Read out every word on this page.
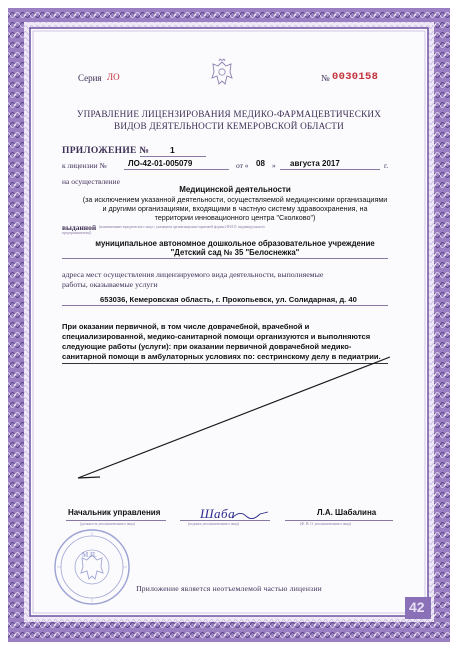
Серия ЛО	№ 0030158
УПРАВЛЕНИЕ ЛИЦЕНЗИРОВАНИЯ МЕДИКО-ФАРМАЦЕВТИЧЕСКИХ
ВИДОВ ДЕЯТЕЛЬНОСТИ КЕМЕРОВСКОЙ ОБЛАСТИ
ПРИЛОЖЕНИЕ № 1
к лицензии №	ЛО-42-01-005079	от « 08 » августа 2017	г.
на осуществление
Медицинской деятельности
(за исключением указанной деятельности, осуществляемой медицинскими организациями
и другими организациями, входящими в частную систему здравоохранения, на
территории инновационного центра "Сколково")
выданной (наименование юридического лица с указанием организационно-правовой формы (Ф.И.О. индивидуального
предпринимателя))
муниципальное автономное дошкольное образовательное учреждение
"Детский сад № 35 "Белоснежка"
адреса мест осуществления лицензируемого вида деятельности, выполняемые
работы, оказываемые услуги
653036, Кемеровская область, г. Прокопьевск, ул. Солидарная, д. 40
При оказании первичной, в том числе доврачебной, врачебной и
специализированной, медико-санитарной помощи организуются и выполняются
следующие работы (услуги): при оказании первичной доврачебной медико-
санитарной помощи в амбулаторных условиях по: сестринскому делу в педиатрии.
Начальник управления
(должность уполномоченного лица)
Шаба
(подпись уполномоченного лица)
Л.А. Шабалина
(Ф. И. О. уполномоченного лица)
М.П.
Приложение является неотъемлемой частью лицензии
42
ЗАО «ОПЦИОН», Москва, 2017 г., «Б»
